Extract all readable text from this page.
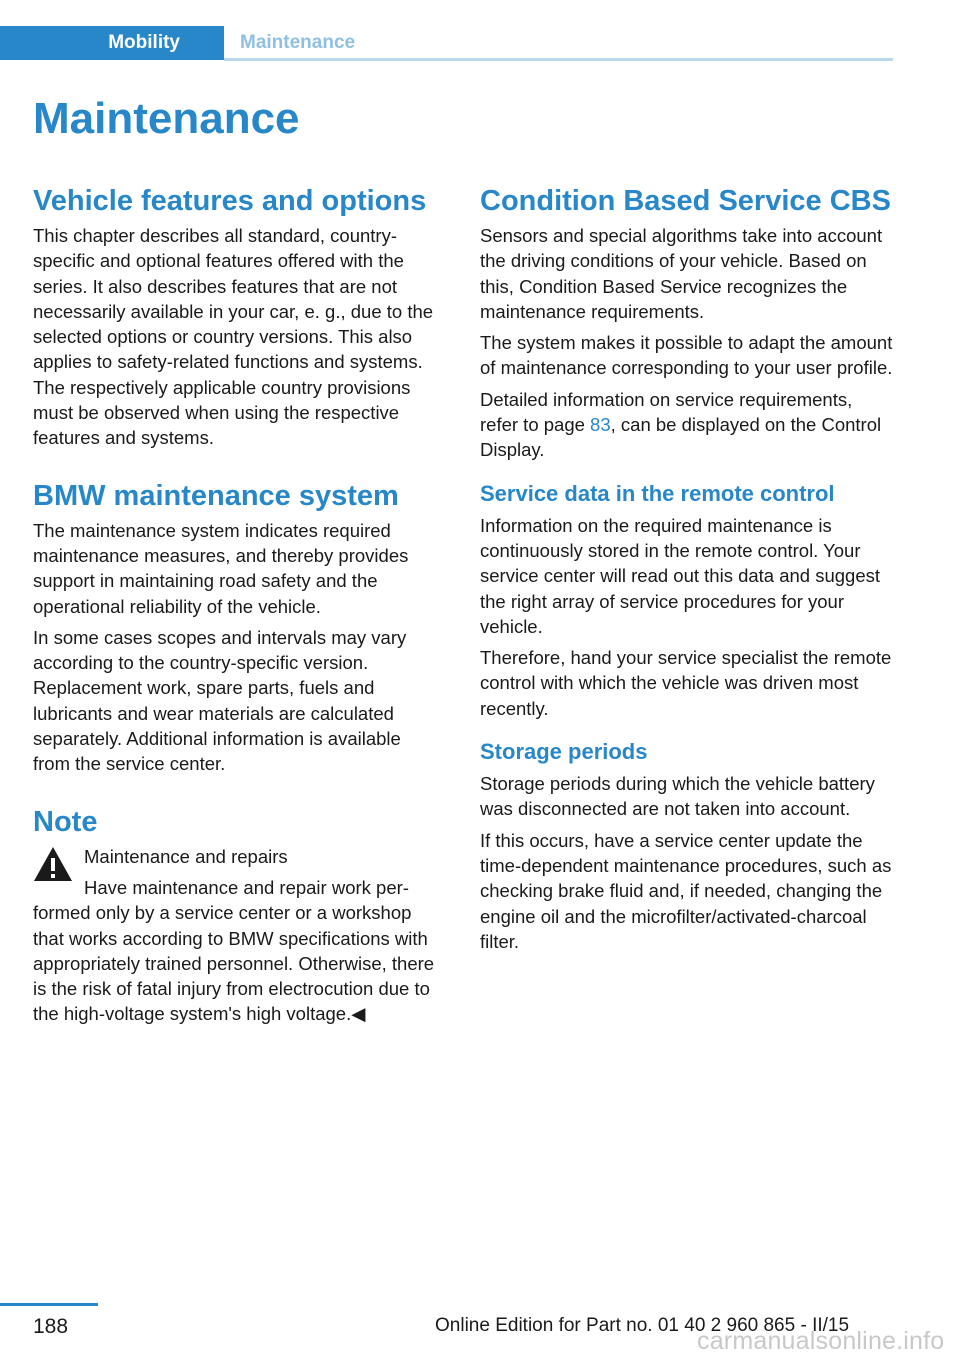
Mobility	Maintenance
Maintenance
Vehicle features and options

This chapter describes all standard, country-specific and optional features offered with the series. It also describes features that are not necessarily available in your car, e. g., due to the selected options or country versions. This also applies to safety-related functions and systems. The respectively applicable country provisions must be observed when using the respective features and systems.

BMW maintenance system

The maintenance system indicates required maintenance measures, and thereby provides support in maintaining road safety and the operational reliability of the vehicle.

In some cases scopes and intervals may vary according to the country-specific version. Replacement work, spare parts, fuels and lubricants and wear materials are calculated separately. Additional information is available from the service center.

Note

Maintenance and repairs

Have maintenance and repair work per-

formed only by a service center or a workshop that works according to BMW specifications with appropriately trained personnel. Otherwise, there is the risk of fatal injury from electrocution due to the high-voltage system's high voltage.◀

Condition Based Service CBS

Sensors and special algorithms take into account the driving conditions of your vehicle. Based on this, Condition Based Service recognizes the maintenance requirements.

The system makes it possible to adapt the amount of maintenance corresponding to your user profile.

Detailed information on service requirements, refer to page 83, can be displayed on the Control Display.

Service data in the remote control

Information on the required maintenance is continuously stored in the remote control. Your service center will read out this data and suggest the right array of service procedures for your vehicle.

Therefore, hand your service specialist the remote control with which the vehicle was driven most recently.

Storage periods

Storage periods during which the vehicle battery was disconnected are not taken into account.

If this occurs, have a service center update the time-dependent maintenance procedures, such as checking brake fluid and, if needed, changing the engine oil and the microfilter/activated-charcoal filter.

188	Online Edition for Part no. 01 40 2 960 865 - II/15
carmanualsonline.info
